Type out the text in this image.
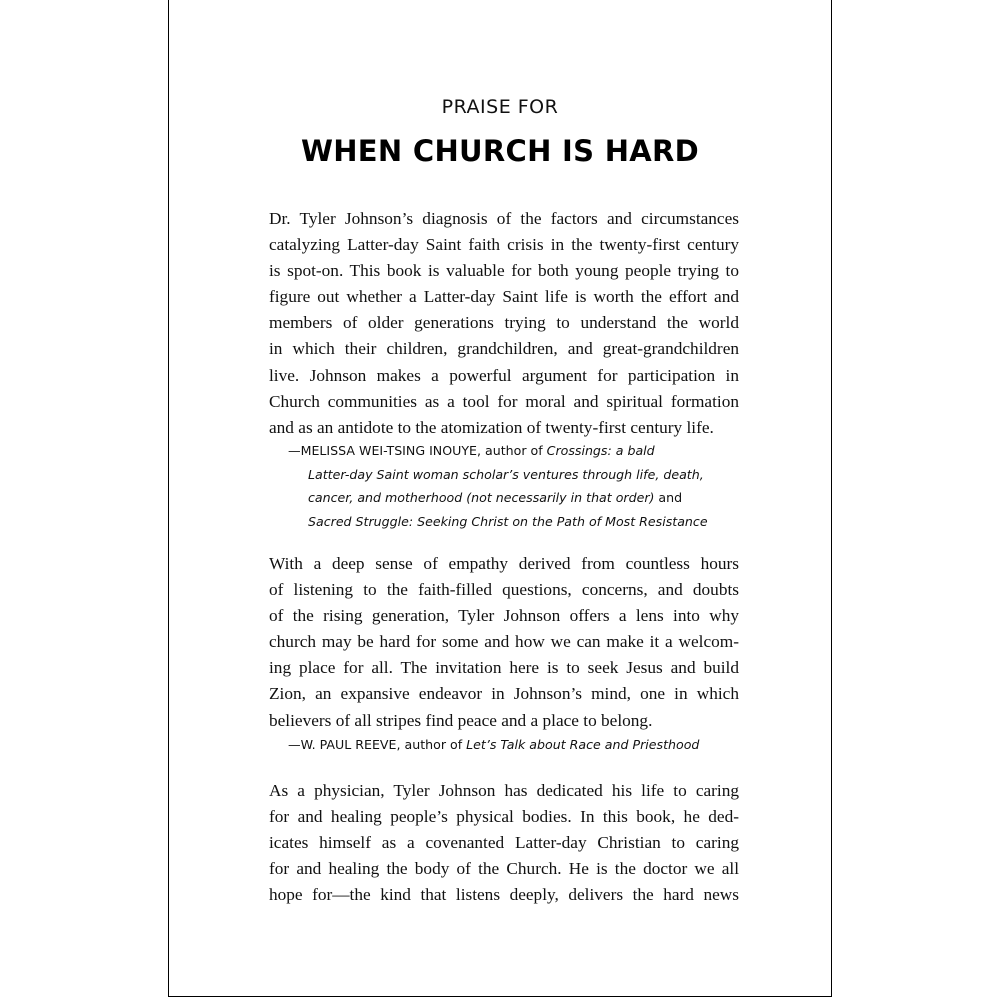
PRAISE FOR
WHEN CHURCH IS HARD
Dr. Tyler Johnson’s diagnosis of the factors and circumstances
catalyzing Latter-day Saint faith crisis in the twenty-first century
is spot-on. This book is valuable for both young people trying to
figure out whether a Latter-day Saint life is worth the effort and
members of older generations trying to understand the world
in which their children, grandchildren, and great-grandchildren
live. Johnson makes a powerful argument for participation in
Church communities as a tool for moral and spiritual formation
and as an antidote to the atomization of twenty-first century life.
—MELISSA WEI-TSING INOUYE, author of Crossings: a bald
Latter-day Saint woman scholar’s ventures through life, death,
cancer, and motherhood (not necessarily in that order) and
Sacred Struggle: Seeking Christ on the Path of Most Resistance
With a deep sense of empathy derived from countless hours
of listening to the faith-filled questions, concerns, and doubts
of the rising generation, Tyler Johnson offers a lens into why
church may be hard for some and how we can make it a welcom-
ing place for all. The invitation here is to seek Jesus and build
Zion, an expansive endeavor in Johnson’s mind, one in which
believers of all stripes find peace and a place to belong.
—W. PAUL REEVE, author of Let’s Talk about Race and Priesthood
As a physician, Tyler Johnson has dedicated his life to caring
for and healing people’s physical bodies. In this book, he ded-
icates himself as a covenanted Latter-day Christian to caring
for and healing the body of the Church. He is the doctor we all
hope for—the kind that listens deeply, delivers the hard news
